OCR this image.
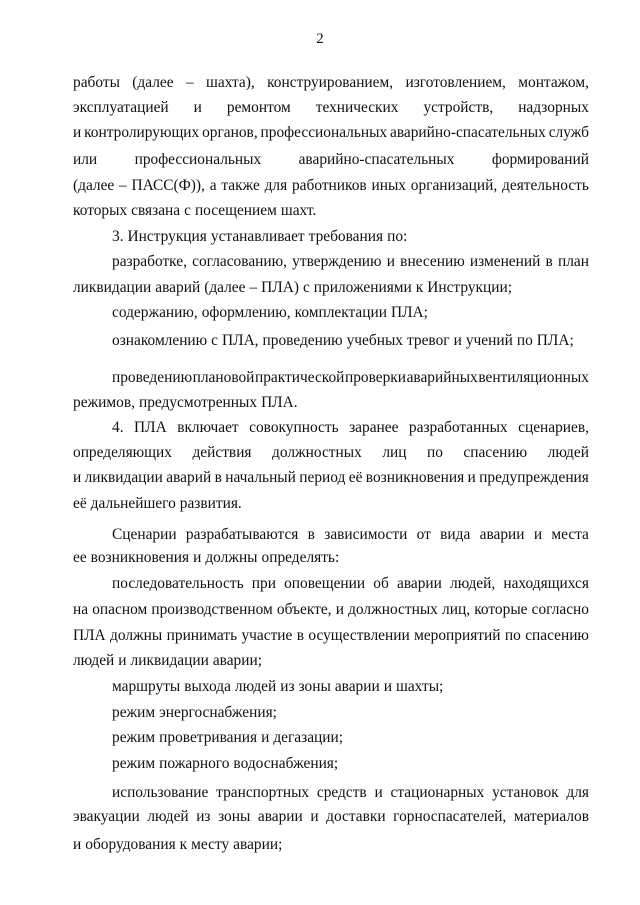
2
работы (далее – шахта), конструированием, изготовлением, монтажом,
эксплуатацией и ремонтом технических устройств, надзорных
и контролирующих органов, профессиональных аварийно-спасательных служб
или профессиональных аварийно-спасательных формирований
(далее – ПАСС(Ф)), а также для работников иных организаций, деятельность
которых связана с посещением шахт.
3. Инструкция устанавливает требования по:
разработке, согласованию, утверждению и внесению изменений в план
ликвидации аварий (далее – ПЛА) с приложениями к Инструкции;
содержанию, оформлению, комплектации ПЛА;
ознакомлению с ПЛА, проведению учебных тревог и учений по ПЛА;
проведению плановой практической проверки аварийных вентиляционных
режимов, предусмотренных ПЛА.
4. ПЛА включает совокупность заранее разработанных сценариев,
определяющих действия должностных лиц по спасению людей
и ликвидации аварий в начальный период её возникновения и предупреждения
её дальнейшего развития.
Сценарии разрабатываются в зависимости от вида аварии и места
ее возникновения и должны определять:
последовательность при оповещении об аварии людей, находящихся
на опасном производственном объекте, и должностных лиц, которые согласно
ПЛА должны принимать участие в осуществлении мероприятий по спасению
людей и ликвидации аварии;
маршруты выхода людей из зоны аварии и шахты;
режим энергоснабжения;
режим проветривания и дегазации;
режим пожарного водоснабжения;
использование транспортных средств и стационарных установок для
эвакуации людей из зоны аварии и доставки горноспасателей, материалов
и оборудования к месту аварии;
